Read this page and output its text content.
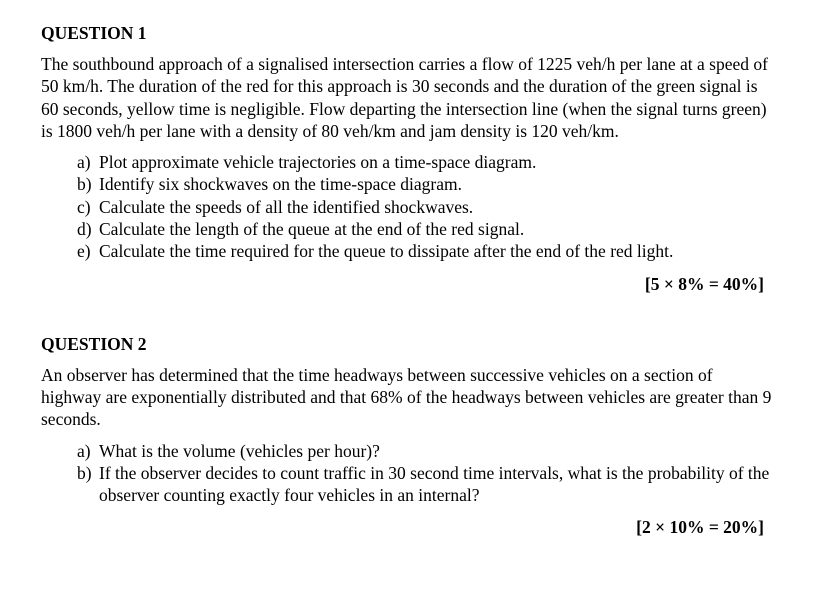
QUESTION 1

The southbound approach of a signalised intersection carries a flow of 1225 veh/h per lane at a speed of 50 km/h. The duration of the red for this approach is 30 seconds and the duration of the green signal is 60 seconds, yellow time is negligible. Flow departing the intersection line (when the signal turns green) is 1800 veh/h per lane with a density of 80 veh/km and jam density is 120 veh/km.

a) Plot approximate vehicle trajectories on a time-space diagram.
b) Identify six shockwaves on the time-space diagram.
c) Calculate the speeds of all the identified shockwaves.
d) Calculate the length of the queue at the end of the red signal.
e) Calculate the time required for the queue to dissipate after the end of the red light.
[5 × 8% = 40%]
QUESTION 2

An observer has determined that the time headways between successive vehicles on a section of highway are exponentially distributed and that 68% of the headways between vehicles are greater than 9 seconds.

a) What is the volume (vehicles per hour)?
b) If the observer decides to count traffic in 30 second time intervals, what is the probability of the observer counting exactly four vehicles in an internal?
[2 × 10% = 20%]
